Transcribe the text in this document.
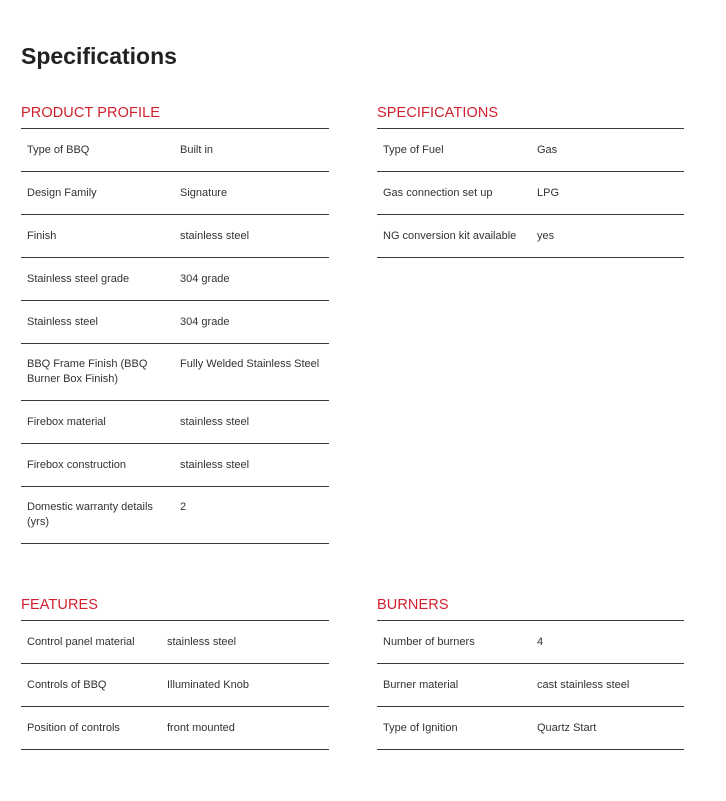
Specifications
PRODUCT PROFILE
Type of BBQ	Built in
Design Family	Signature
Finish	stainless steel
Stainless steel grade	304 grade
Stainless steel	304 grade
BBQ Frame Finish (BBQ Burner Box Finish)	Fully Welded Stainless Steel
Firebox material	stainless steel
Firebox construction	stainless steel
Domestic warranty details (yrs)	2
SPECIFICATIONS
Type of Fuel	Gas
Gas connection set up	LPG
NG conversion kit available	yes
FEATURES
Control panel material	stainless steel
Controls of BBQ	Illuminated Knob
Position of controls	front mounted
BURNERS
Number of burners	4
Burner material	cast stainless steel
Type of Ignition	Quartz Start
